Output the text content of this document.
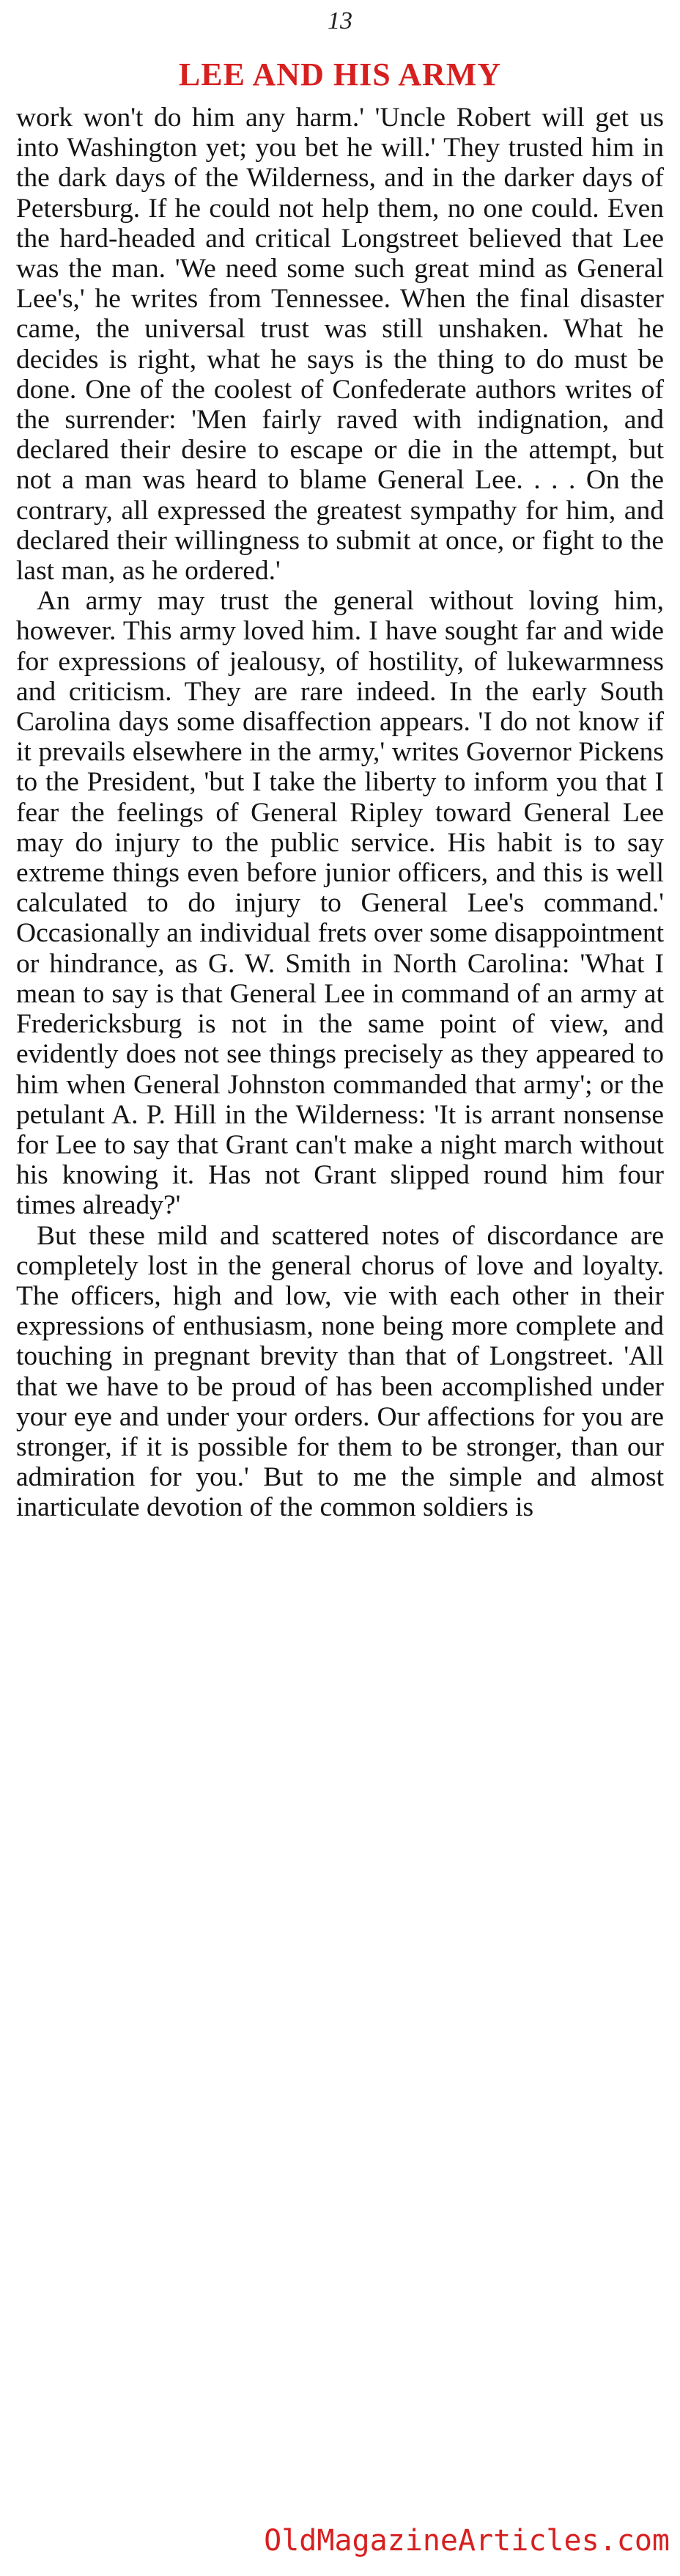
13
LEE AND HIS ARMY

work won't do him any harm.' 'Uncle Robert will get us into Washington yet; you bet he will.' They trusted him in the dark days of the Wilderness, and in the darker days of Petersburg. If he could not help them, no one could. Even the hard-headed and critical Longstreet believed that Lee was the man. 'We need some such great mind as General Lee's,' he writes from Tennessee. When the final disaster came, the universal trust was still unshaken. What he decides is right, what he says is the thing to do must be done. One of the coolest of Confederate authors writes of the surrender: 'Men fairly raved with indignation, and declared their desire to escape or die in the attempt, but not a man was heard to blame General Lee. . . . On the contrary, all expressed the greatest sympathy for him, and declared their willingness to submit at once, or fight to the last man, as he ordered.'

An army may trust the general without loving him, however. This army loved him. I have sought far and wide for expressions of jealousy, of hostility, of lukewarmness and criticism. They are rare indeed. In the early South Carolina days some disaffection appears. 'I do not know if it prevails elsewhere in the army,' writes Governor Pickens to the President, 'but I take the liberty to inform you that I fear the feelings of General Ripley toward General Lee may do injury to the public service. His habit is to say extreme things even before junior officers, and this is well calculated to do injury to General Lee's command.' Occasionally an individual frets over some disappointment or hindrance, as G. W. Smith in North Carolina: 'What I mean to say is that General Lee in command of an army at Fredericksburg is not in the same point of view, and evidently does not see things precisely as they appeared to him when General Johnston commanded that army'; or the petulant A. P. Hill in the Wilderness: 'It is arrant nonsense for Lee to say that Grant can't make a night march without his knowing it. Has not Grant slipped round him four times already?'

But these mild and scattered notes of discordance are completely lost in the general chorus of love and loyalty. The officers, high and low, vie with each other in their expressions of enthusiasm, none being more complete and touching in pregnant brevity than that of Longstreet. 'All that we have to be proud of has been accomplished under your eye and under your orders. Our affections for you are stronger, if it is possible for them to be stronger, than our admiration for you.' But to me the simple and almost inarticulate devotion of the common soldiers is

OldMagazineArticles.com
